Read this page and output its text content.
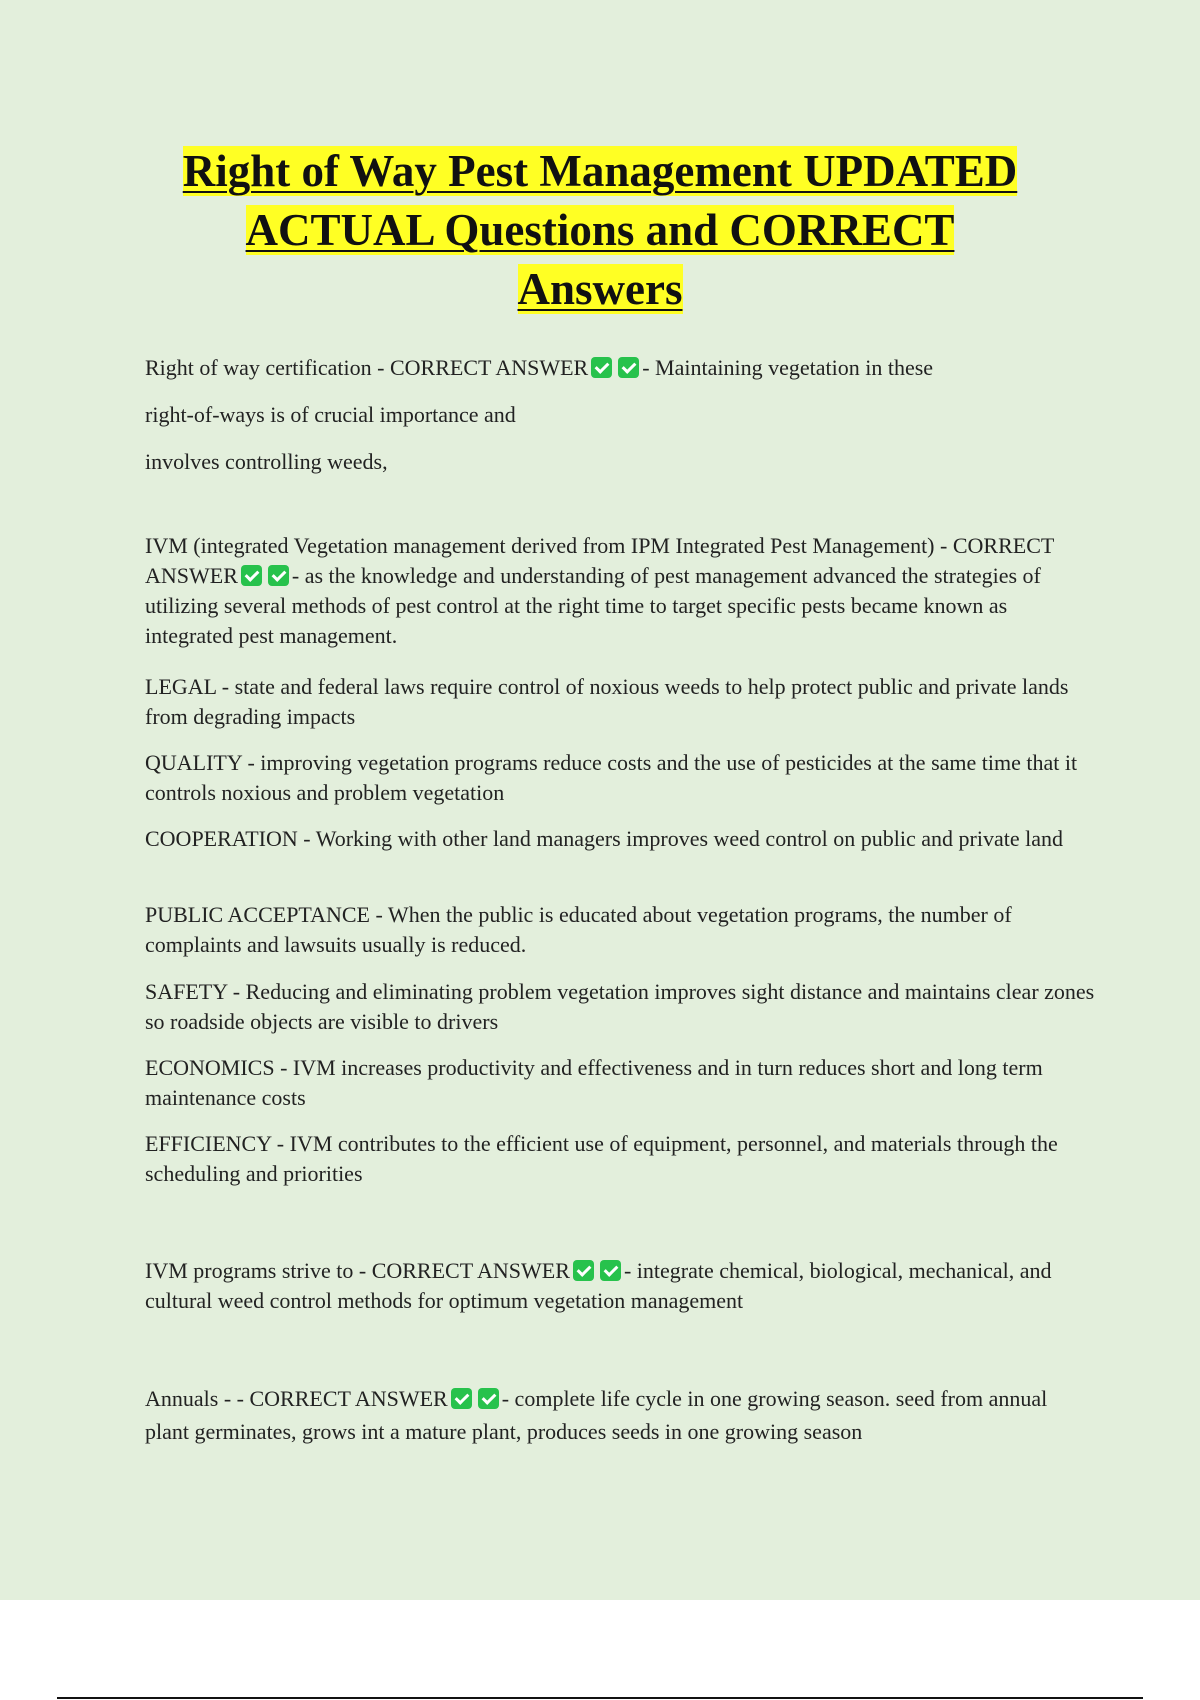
Right of Way Pest Management UPDATED
ACTUAL Questions and CORRECT
Answers

Right of way certification - CORRECT ANSWER - Maintaining vegetation in these
right-of-ways is of crucial importance and
involves controlling weeds,

IVM (integrated Vegetation management derived from IPM Integrated Pest Management) - CORRECT ANSWER - as the knowledge and understanding of pest management advanced the strategies of utilizing several methods of pest control at the right time to target specific pests became known as integrated pest management.

LEGAL - state and federal laws require control of noxious weeds to help protect public and private lands from degrading impacts

QUALITY - improving vegetation programs reduce costs and the use of pesticides at the same time that it controls noxious and problem vegetation

COOPERATION - Working with other land managers improves weed control on public and private land

PUBLIC ACCEPTANCE - When the public is educated about vegetation programs, the number of complaints and lawsuits usually is reduced.

SAFETY - Reducing and eliminating problem vegetation improves sight distance and maintains clear zones so roadside objects are visible to drivers

ECONOMICS - IVM increases productivity and effectiveness and in turn reduces short and long term maintenance costs

EFFICIENCY - IVM contributes to the efficient use of equipment, personnel, and materials through the scheduling and priorities

IVM programs strive to - CORRECT ANSWER - integrate chemical, biological, mechanical, and cultural weed control methods for optimum vegetation management

Annuals - - CORRECT ANSWER - complete life cycle in one growing season. seed from annual plant germinates, grows int a mature plant, produces seeds in one growing season
